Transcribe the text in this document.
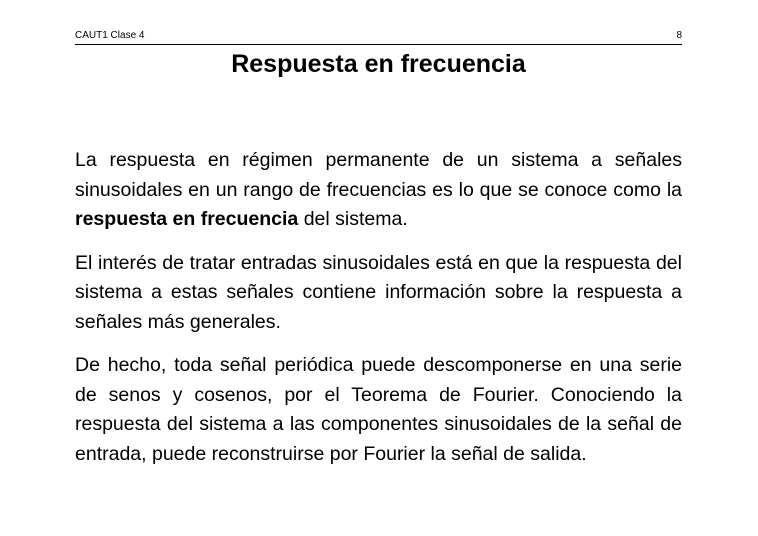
CAUT1 Clase 4	8
Respuesta en frecuencia

La respuesta en régimen permanente de un sistema a señales sinusoidales en un rango de frecuencias es lo que se conoce como la respuesta en frecuencia del sistema.

El interés de tratar entradas sinusoidales está en que la respuesta del sistema a estas señales contiene información sobre la respuesta a señales más generales.

De hecho, toda señal periódica puede descomponerse en una serie de senos y cosenos, por el Teorema de Fourier. Conociendo la respuesta del sistema a las componentes sinusoidales de la señal de entrada, puede reconstruirse por Fourier la señal de salida.
